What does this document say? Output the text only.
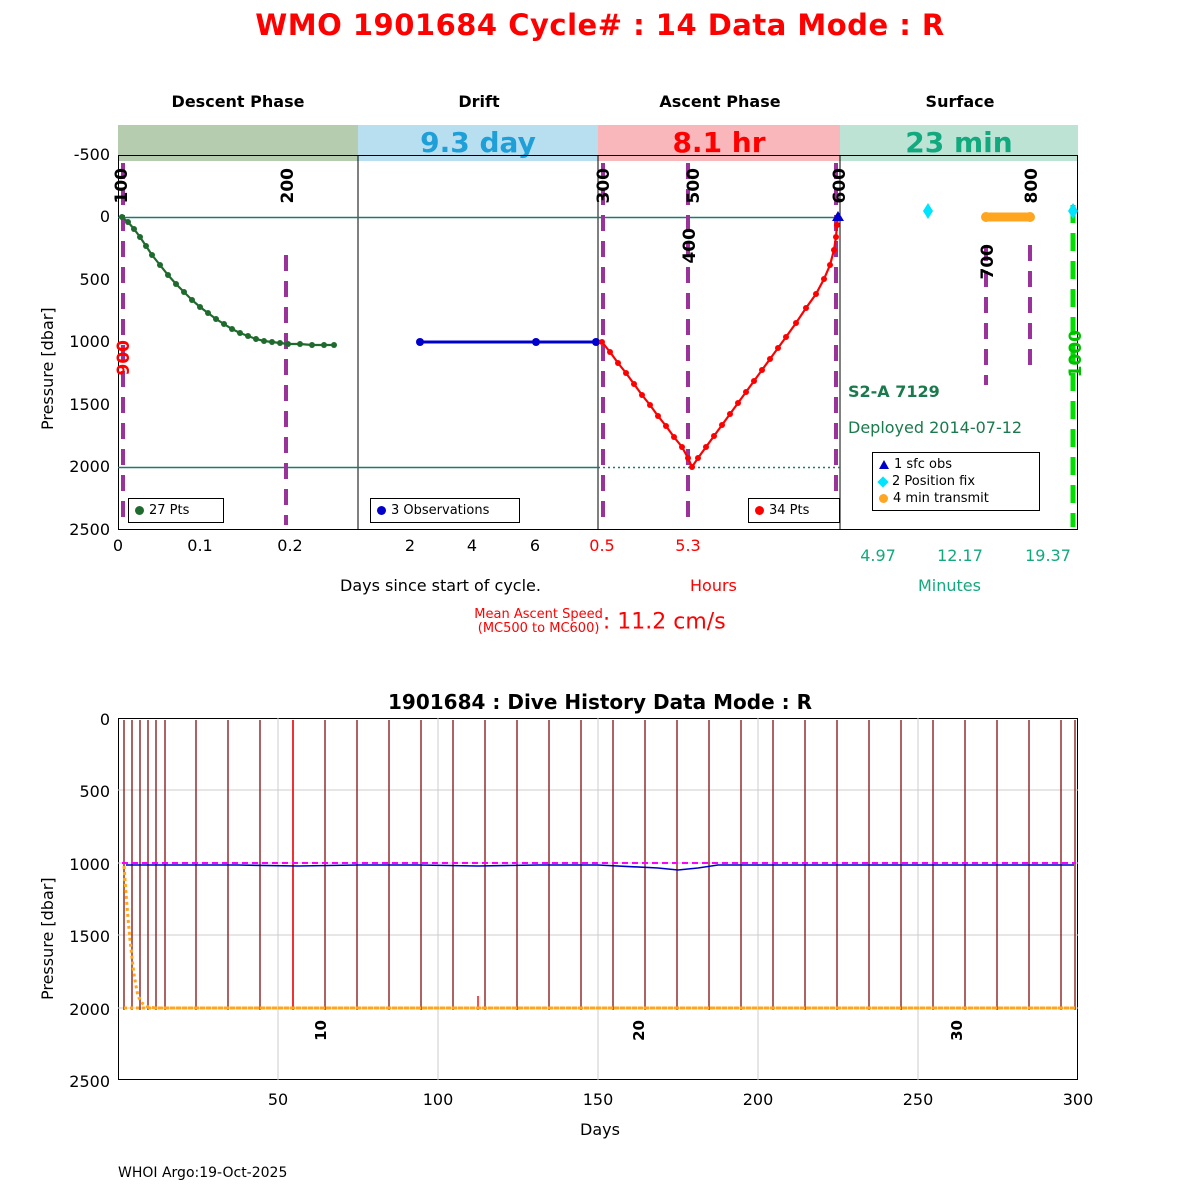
WMO 1901684 Cycle# : 14 Data Mode : R
Descent Phase	Drift	Ascent Phase	Surface
9.3 day	8.1 hr	23 min
Pressure [dbar]
-500
0
500
1000
1500
2000
2500
100	200	300
400
500	600
700
800
900	1000
S2-A 7129
Deployed 2014-07-12
27 Pts	3 Observations	34 Pts
1 sfc obs
2 Position fix
4 min transmit
0	0.1	0.2	2	4	6	0.5	5.3
4.97	12.17	19.37
Days since start of cycle.	Hours	Minutes
Mean Ascent Speed
(MC500 to MC600) : 11.2 cm/s
1901684 : Dive History Data Mode : R
Pressure [dbar]
0
500
1000
1500
2000
2500
10	20	30
50	100	150	200	250	300
Days
WHOI Argo:19-Oct-2025
